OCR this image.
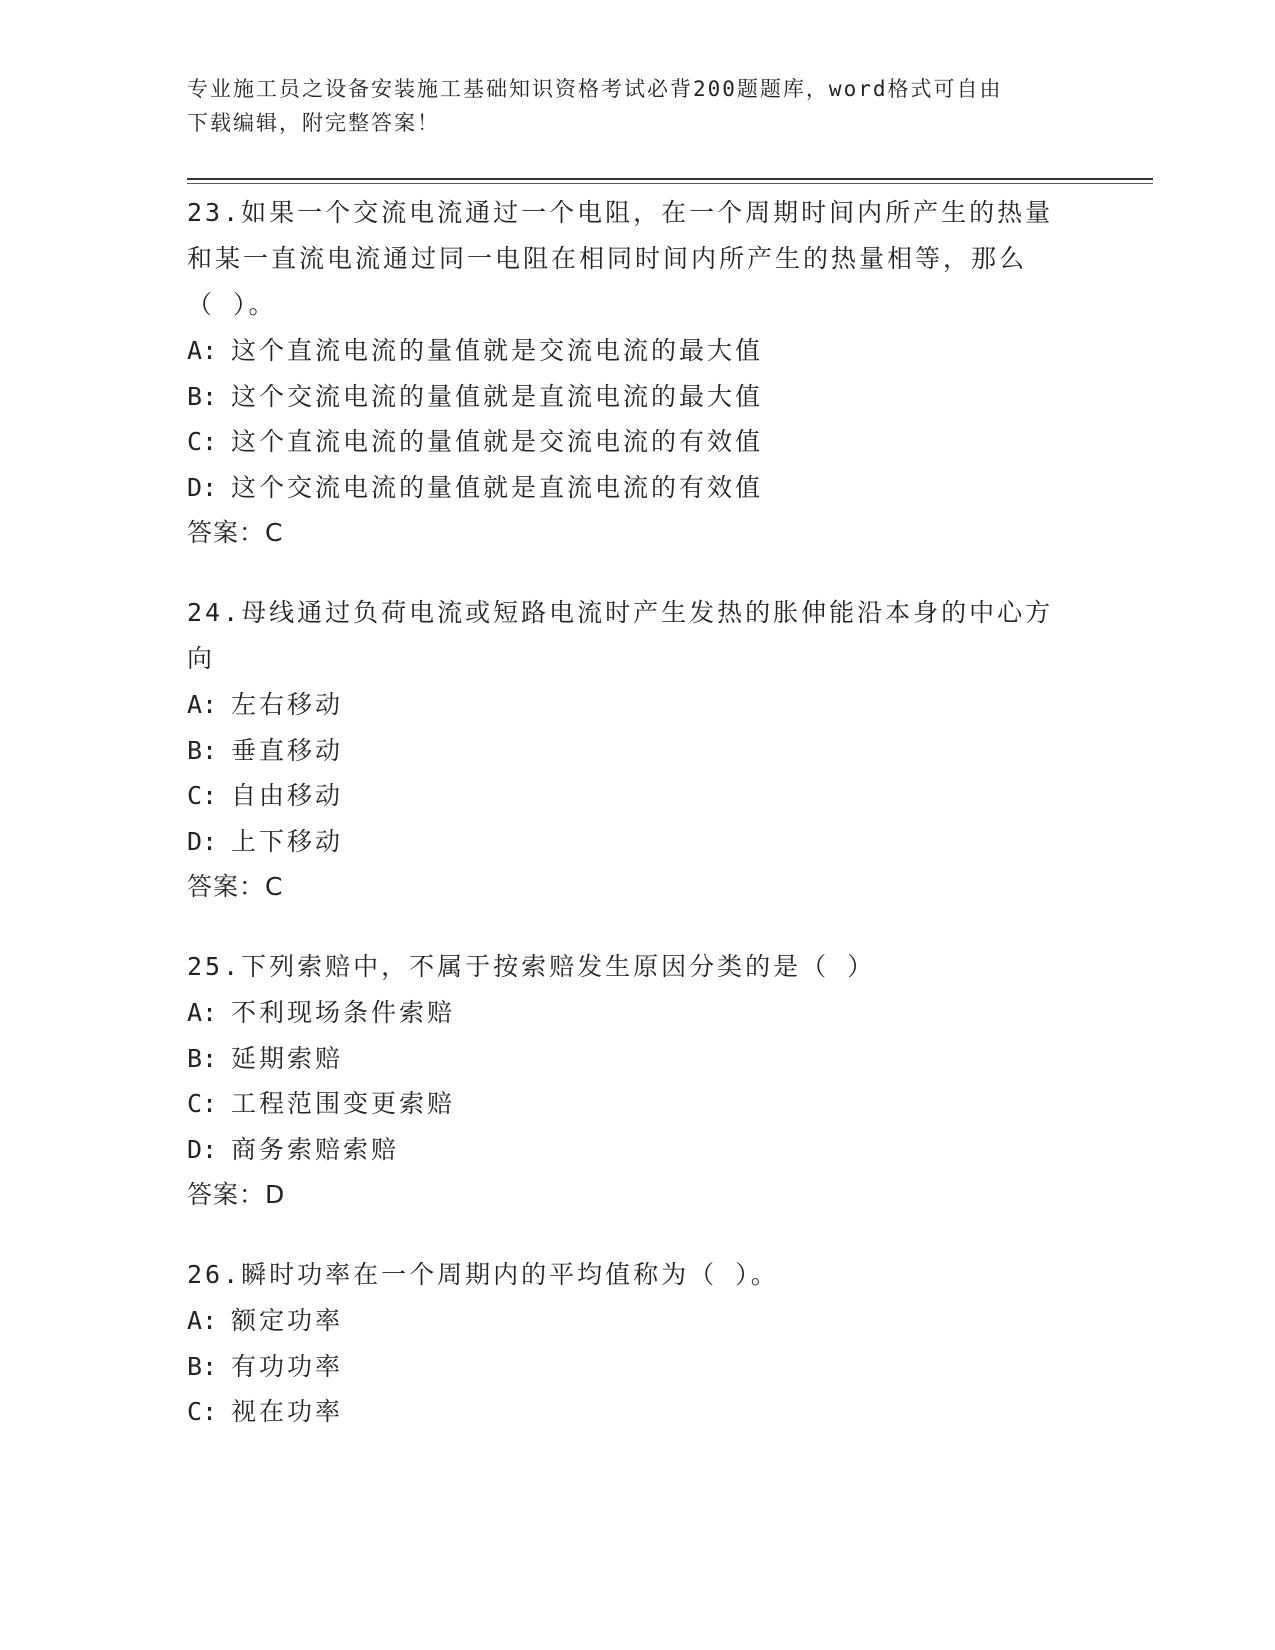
专业施工员之设备安装施工基础知识资格考试必背200题题库，word格式可自由
下载编辑，附完整答案！
23.如果一个交流电流通过一个电阻，在一个周期时间内所产生的热量
和某一直流电流通过同一电阻在相同时间内所产生的热量相等，那么
（ ）。
A: 这个直流电流的量值就是交流电流的最大值
B: 这个交流电流的量值就是直流电流的最大值
C: 这个直流电流的量值就是交流电流的有效值
D: 这个交流电流的量值就是直流电流的有效值
答案：C
24.母线通过负荷电流或短路电流时产生发热的胀伸能沿本身的中心方
向
A: 左右移动
B: 垂直移动
C: 自由移动
D: 上下移动
答案：C
25.下列索赔中，不属于按索赔发生原因分类的是（ ）
A: 不利现场条件索赔
B: 延期索赔
C: 工程范围变更索赔
D: 商务索赔索赔
答案：D
26.瞬时功率在一个周期内的平均值称为（ ）。
A: 额定功率
B: 有功功率
C: 视在功率
